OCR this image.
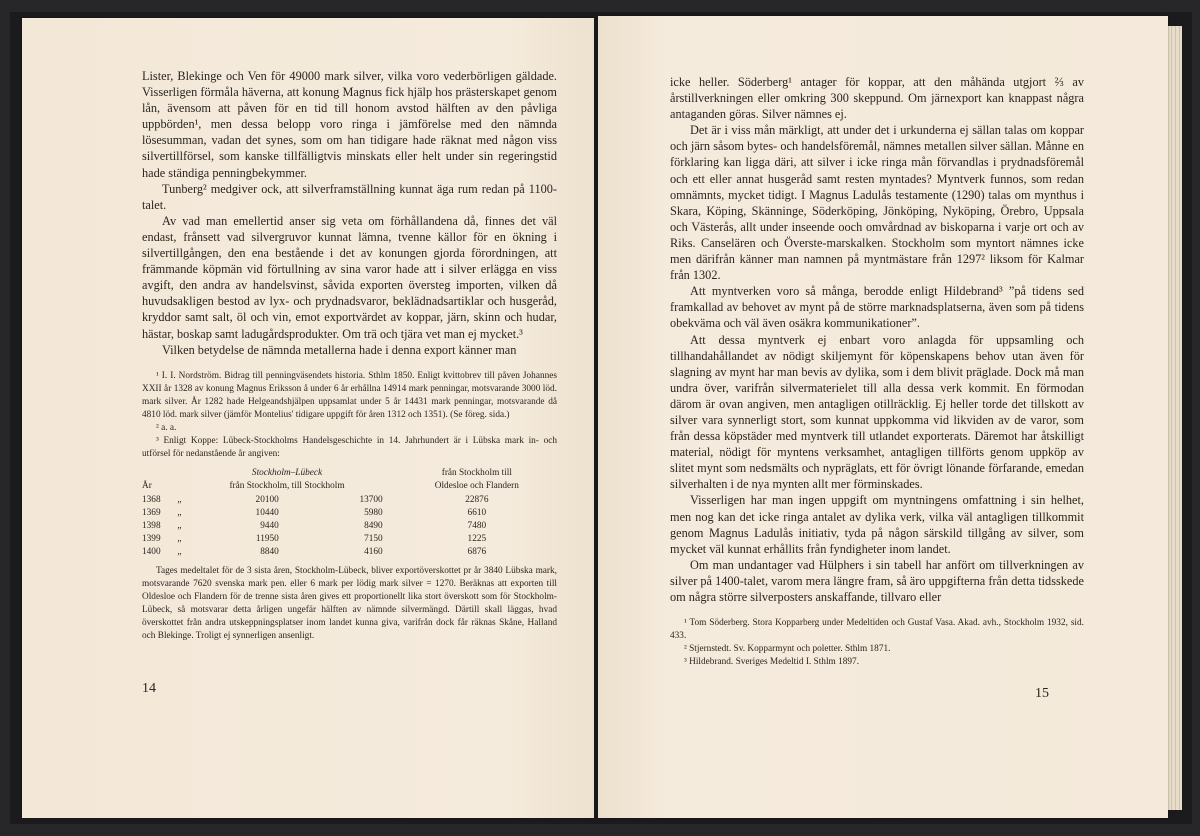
Lister, Blekinge och Ven för 49000 mark silver, vilka voro vederbörligen gäldade. Visserligen förmåla häverna, att konung Magnus fick hjälp hos prästerskapet genom lån, ävensom att påven för en tid till honom avstod hälften av den påvliga uppbörden¹, men dessa belopp voro ringa i jämförelse med den nämnda lösesumman, vadan det synes, som om han tidigare hade räknat med någon viss silvertillförsel, som kanske tillfälligtvis minskats eller helt under sin regeringstid hade ständiga penningbekymmer.

Tunberg² medgiver ock, att silverframställning kunnat äga rum redan på 1100-talet.

Av vad man emellertid anser sig veta om förhållandena då, finnes det väl endast, frånsett vad silvergruvor kunnat lämna, tvenne källor för en ökning i silvertillgången, den ena bestående i det av konungen gjorda förordningen, att främmande köpmän vid förtullning av sina varor hade att i silver erlägga en viss avgift, den andra av handelsvinst, såvida exporten översteg importen, vilken då huvudsakligen bestod av lyx- och prydnadsvaror, beklädnadsartiklar och husgeråd, kryddor samt salt, öl och vin, emot exportvärdet av koppar, järn, skinn och hudar, hästar, boskap samt ladugårdsprodukter. Om trä och tjära vet man ej mycket.³

Vilken betydelse de nämnda metallerna hade i denna export känner man

¹ I. I. Nordström. Bidrag till penningväsendets historia. Sthlm 1850. Enligt kvittobrev till påven Johannes XXII år 1328 av konung Magnus Eriksson å under 6 år erhållna 14914 mark penningar, motsvarande 3000 löd. mark silver. År 1282 hade Helgeandshjälpen uppsamlat under 5 år 14431 mark penningar, motsvarande då 4810 löd. mark silver (jämför Montelius' tidigare uppgift för åren 1312 och 1351). (Se föreg. sida.)

² a. a.

³ Enligt Koppe: Lübeck-Stockholms Handelsgeschichte in 14. Jahrhundert är i Lübska mark in- och utförsel för nedanstående år angiven:

	Stockholm–Lübeck			från Stockholm till
År	från Stockholm, till Stockholm			Oldesloe och Flandern
1368	„	20100	13700	22876
1369	„	10440	5980	6610
1398	„	9440	8490	7480
1399	„	11950	7150	1225
1400	„	8840	4160	6876

Tages medeltalet för de 3 sista åren, Stockholm-Lübeck, bliver exportöverskottet pr år 3840 Lübska mark, motsvarande 7620 svenska mark pen. eller 6 mark per lödig mark silver = 1270. Beräknas att exporten till Oldesloe och Flandern för de trenne sista åren gives ett proportionellt lika stort överskott som för Stockholm-Lübeck, så motsvarar detta årligen ungefär hälften av nämnde silvermängd. Därtill skall läggas, hvad överskottet från andra utskeppningsplatser inom landet kunna giva, varifrån dock får räknas Skåne, Halland och Blekinge. Troligt ej synnerligen ansenligt.

14

icke heller. Söderberg¹ antager för koppar, att den måhända utgjort ⅔ av årstillverkningen eller omkring 300 skeppund. Om järnexport kan knappast några antaganden göras. Silver nämnes ej.

Det är i viss mån märkligt, att under det i urkunderna ej sällan talas om koppar och järn såsom bytes- och handelsföremål, nämnes metallen silver sällan. Månne en förklaring kan ligga däri, att silver i icke ringa mån förvandlas i prydnadsföremål och ett eller annat husgeråd samt resten myntades? Myntverk funnos, som redan omnämnts, mycket tidigt. I Magnus Ladulås testamente (1290) talas om mynthus i Skara, Köping, Skänninge, Söderköping, Jönköping, Nyköping, Örebro, Uppsala och Västerås, allt under inseende ooch omvårdnad av biskoparna i varje ort och av Riks. Canselären och Överste-marskalken. Stockholm som myntort nämnes icke men därifrån känner man namnen på myntmästare från 1297² liksom för Kalmar från 1302.

Att myntverken voro så många, berodde enligt Hildebrand³ ”på tidens sed framkallad av behovet av mynt på de större marknadsplatserna, även som på tidens obekväma och väl även osäkra kommunikationer”.

Att dessa myntverk ej enbart voro anlagda för uppsamling och tillhandahållandet av nödigt skiljemynt för köpenskapens behov utan även för slagning av mynt har man bevis av dylika, som i dem blivit präglade. Dock må man undra över, varifrån silvermaterielet till alla dessa verk kommit. En förmodan därom är ovan angiven, men antagligen otillräcklig. Ej heller torde det tillskott av silver vara synnerligt stort, som kunnat uppkomma vid likviden av de varor, som från dessa köpstäder med myntverk till utlandet exporterats. Däremot har åtskilligt material, nödigt för myntens verksamhet, antagligen tillförts genom uppköp av slitet mynt som nedsmälts och nypräglats, ett för övrigt lönande förfarande, emedan silverhalten i de nya mynten allt mer förminskades.

Visserligen har man ingen uppgift om myntningens omfattning i sin helhet, men nog kan det icke ringa antalet av dylika verk, vilka väl antagligen tillkommit genom Magnus Ladulås initiativ, tyda på någon särskild tillgång av silver, som mycket väl kunnat erhållits från fyndigheter inom landet.

Om man undantager vad Hülphers i sin tabell har anfört om tillverkningen av silver på 1400-talet, varom mera längre fram, så äro uppgifterna från detta tidsskede om några större silverposters anskaffande, tillvaro eller

¹ Tom Söderberg. Stora Kopparberg under Medeltiden och Gustaf Vasa. Akad. avh., Stockholm 1932, sid. 433.

² Stjernstedt. Sv. Kopparmynt och poletter. Sthlm 1871.

³ Hildebrand. Sveriges Medeltid I. Sthlm 1897.

15
